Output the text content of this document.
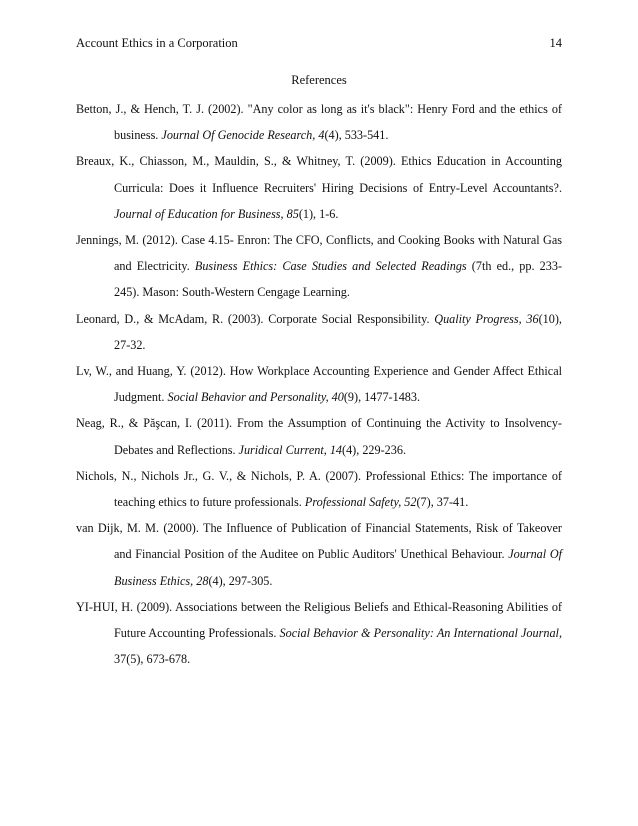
Account Ethics in a Corporation	14
References
Betton, J., & Hench, T. J. (2002). "Any color as long as it's black": Henry Ford and the ethics of business. Journal Of Genocide Research, 4(4), 533-541.
Breaux, K., Chiasson, M., Mauldin, S., & Whitney, T. (2009). Ethics Education in Accounting Curricula: Does it Influence Recruiters' Hiring Decisions of Entry-Level Accountants?. Journal of Education for Business, 85(1), 1-6.
Jennings, M. (2012). Case 4.15- Enron: The CFO, Conflicts, and Cooking Books with Natural Gas and Electricity. Business Ethics: Case Studies and Selected Readings (7th ed., pp. 233-245). Mason: South-Western Cengage Learning.
Leonard, D., & McAdam, R. (2003). Corporate Social Responsibility. Quality Progress, 36(10), 27-32.
Lv, W., and Huang, Y. (2012). How Workplace Accounting Experience and Gender Affect Ethical Judgment. Social Behavior and Personality, 40(9), 1477-1483.
Neag, R., & Păşcan, I. (2011). From the Assumption of Continuing the Activity to Insolvency-Debates and Reflections. Juridical Current, 14(4), 229-236.
Nichols, N., Nichols Jr., G. V., & Nichols, P. A. (2007). Professional Ethics: The importance of teaching ethics to future professionals. Professional Safety, 52(7), 37-41.
van Dijk, M. M. (2000). The Influence of Publication of Financial Statements, Risk of Takeover and Financial Position of the Auditee on Public Auditors' Unethical Behaviour. Journal Of Business Ethics, 28(4), 297-305.
YI-HUI, H. (2009). Associations between the Religious Beliefs and Ethical-Reasoning Abilities of Future Accounting Professionals. Social Behavior & Personality: An International Journal, 37(5), 673-678.
